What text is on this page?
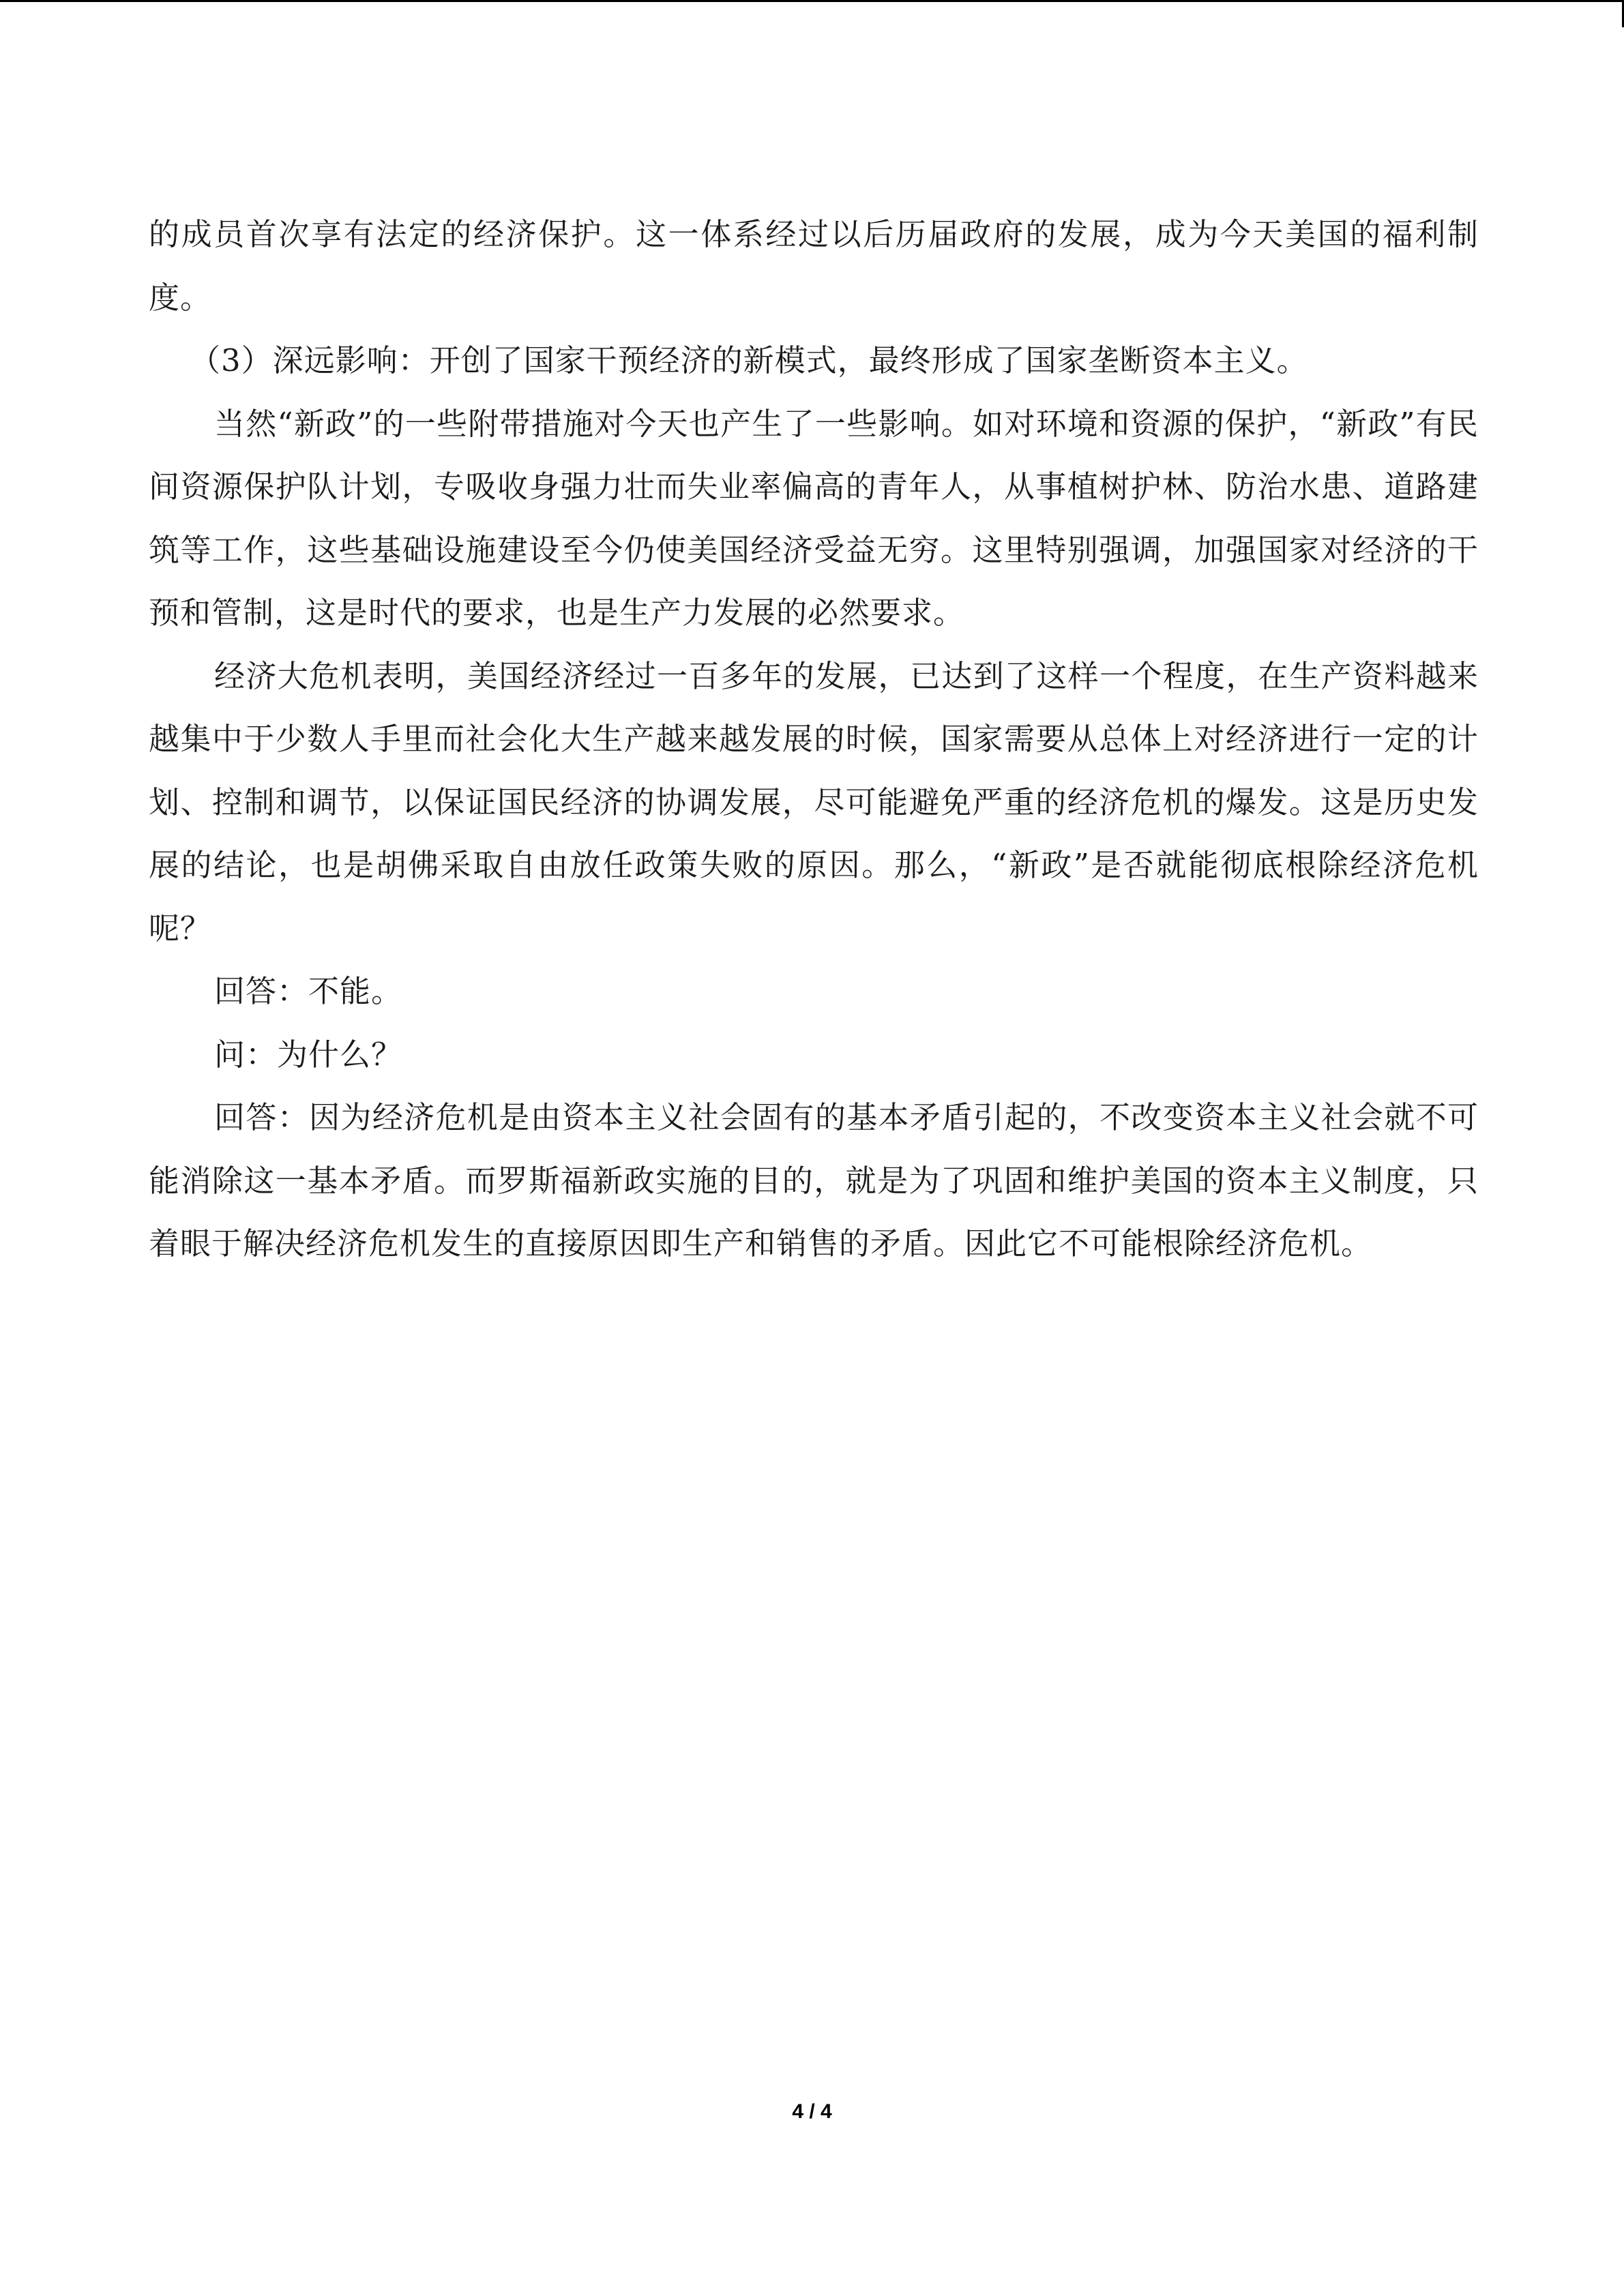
的成员首次享有法定的经济保护。这一体系经过以后历届政府的发展，成为今天美国的福利制度。

（3）深远影响：开创了国家干预经济的新模式，最终形成了国家垄断资本主义。

当然“新政”的一些附带措施对今天也产生了一些影响。如对环境和资源的保护，“新政”有民间资源保护队计划，专吸收身强力壮而失业率偏高的青年人，从事植树护林、防治水患、道路建筑等工作，这些基础设施建设至今仍使美国经济受益无穷。这里特别强调，加强国家对经济的干预和管制，这是时代的要求，也是生产力发展的必然要求。

经济大危机表明，美国经济经过一百多年的发展，已达到了这样一个程度，在生产资料越来越集中于少数人手里而社会化大生产越来越发展的时候，国家需要从总体上对经济进行一定的计划、控制和调节，以保证国民经济的协调发展，尽可能避免严重的经济危机的爆发。这是历史发展的结论，也是胡佛采取自由放任政策失败的原因。那么，“新政”是否就能彻底根除经济危机呢？

回答：不能。

问：为什么？

回答：因为经济危机是由资本主义社会固有的基本矛盾引起的，不改变资本主义社会就不可能消除这一基本矛盾。而罗斯福新政实施的目的，就是为了巩固和维护美国的资本主义制度，只着眼于解决经济危机发生的直接原因即生产和销售的矛盾。因此它不可能根除经济危机。

4 / 4
